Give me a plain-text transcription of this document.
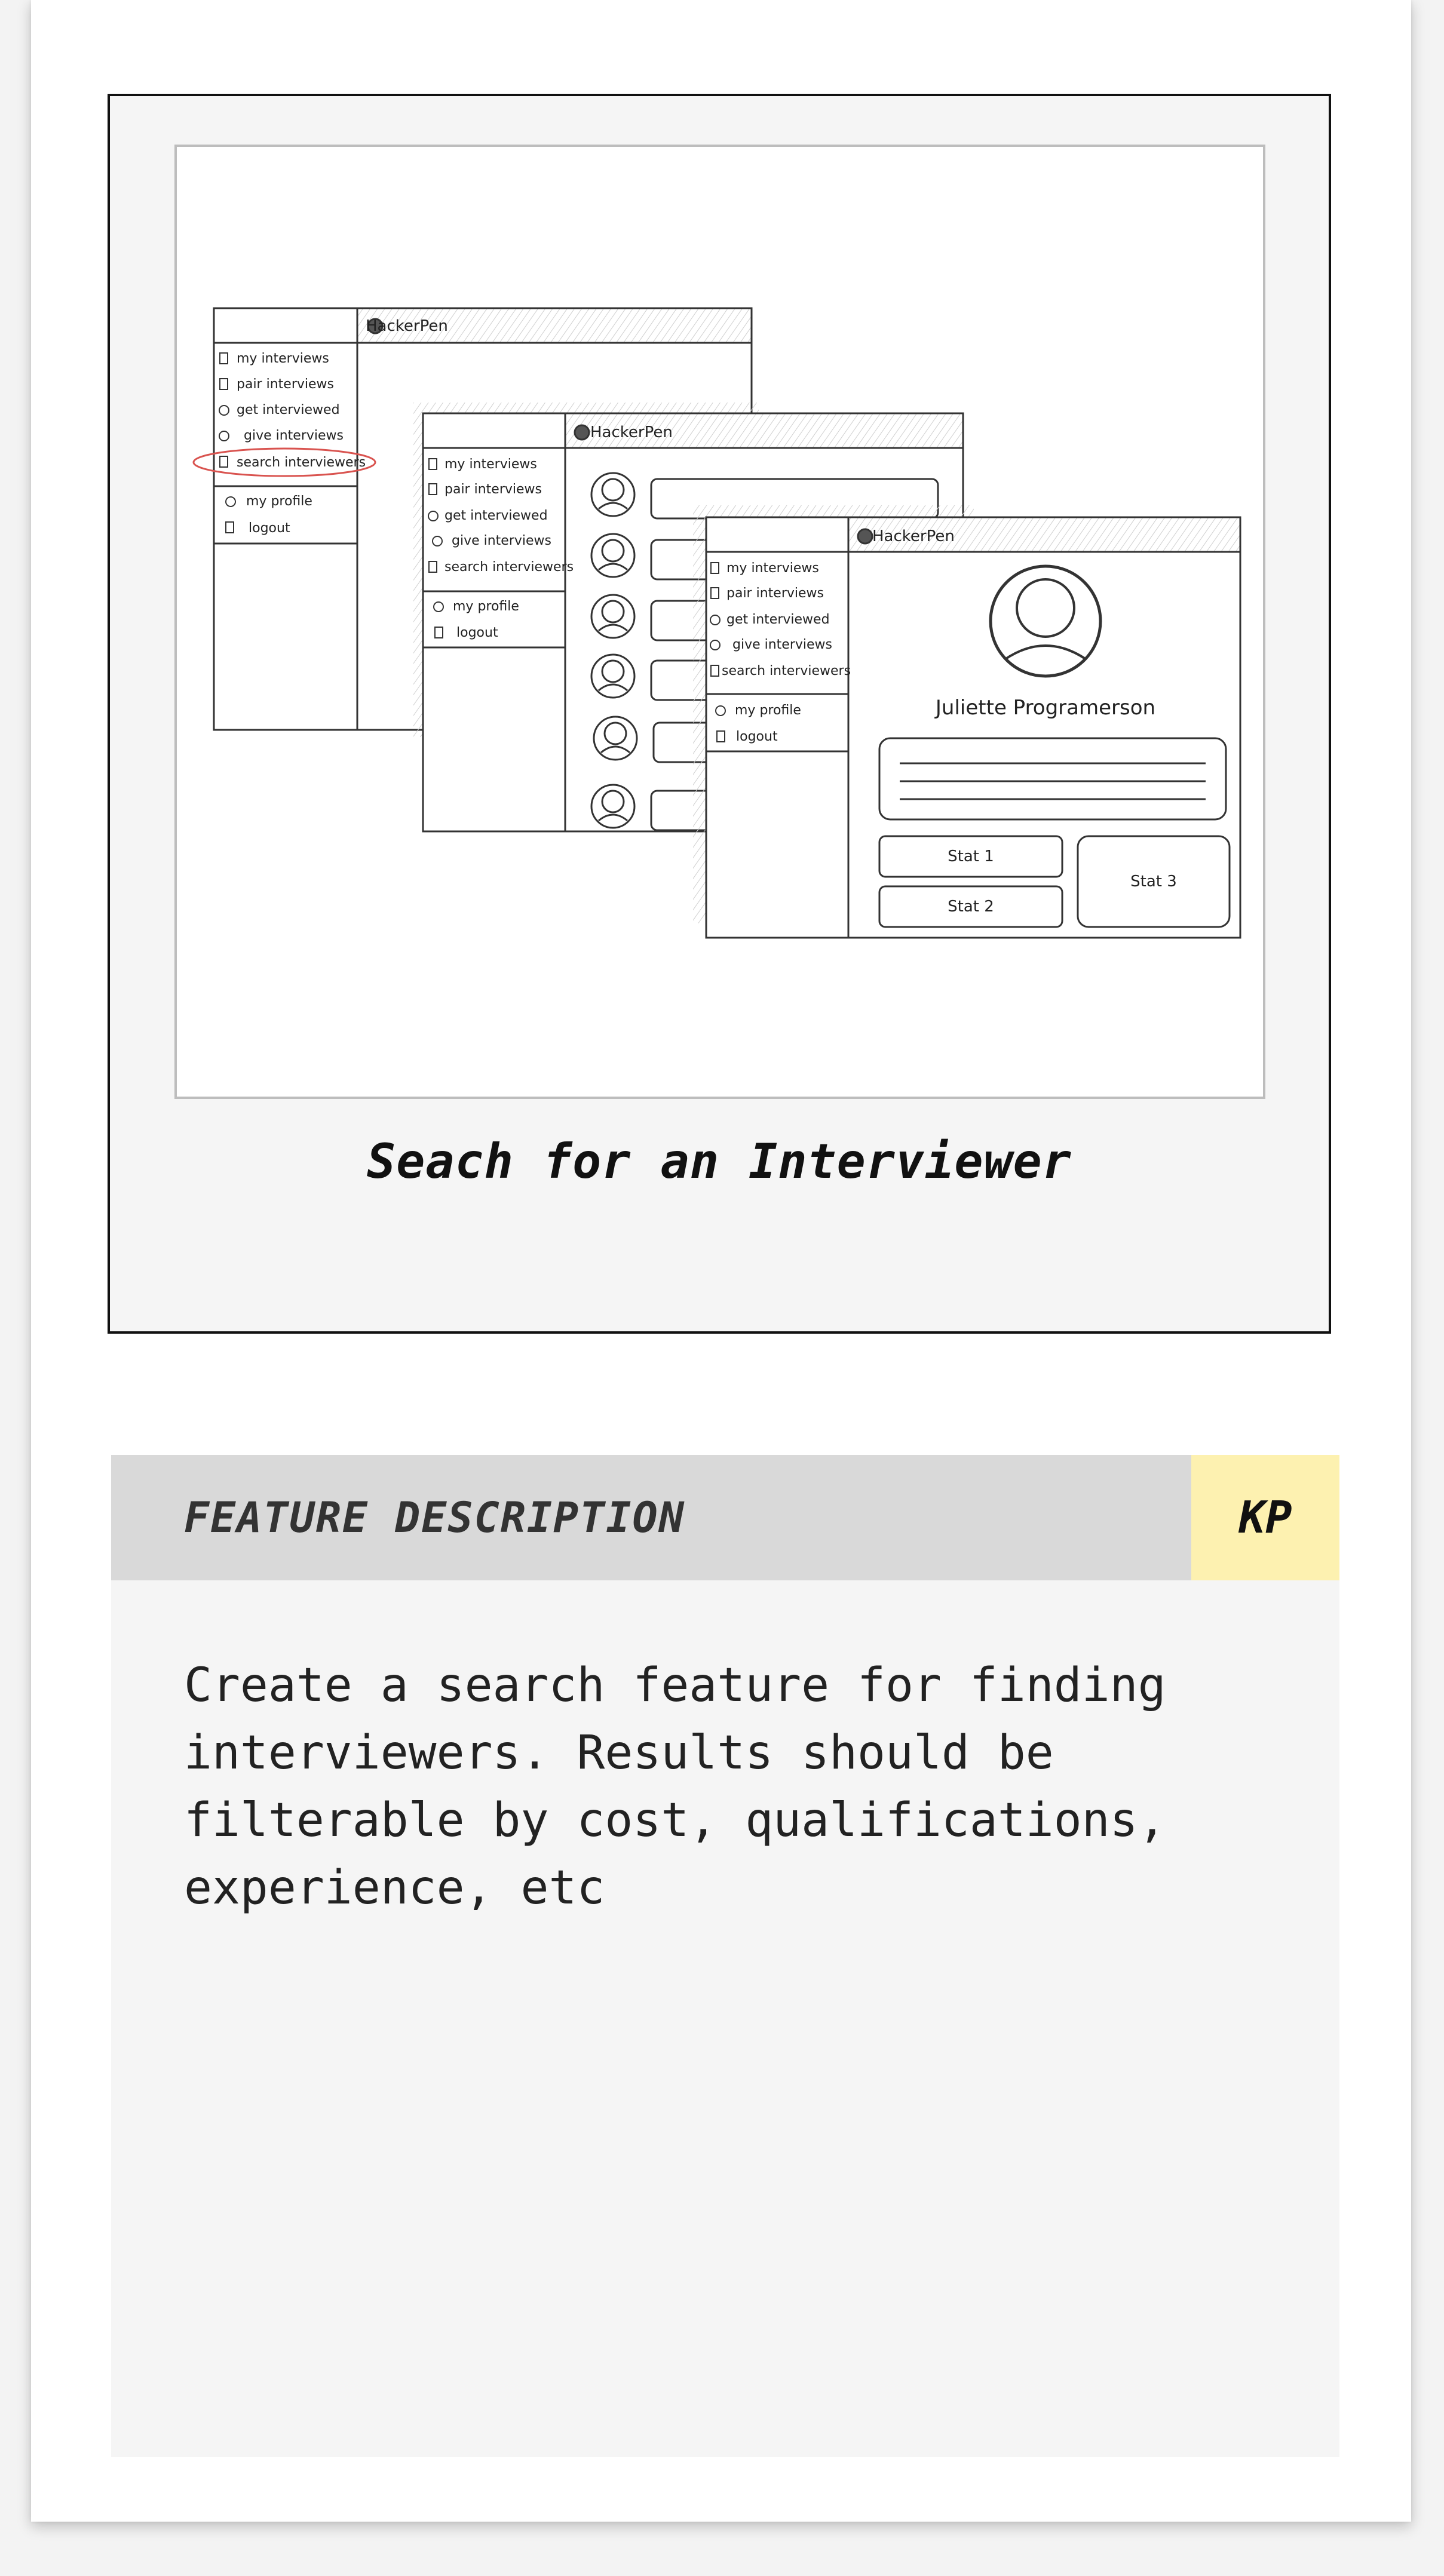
HackerPen
my interviews
pair interviews
get interviewed
give interviews
search interviewers
my profile
logout
HackerPen
my interviews
pair interviews
get interviewed
give interviews
search interviewers
my profile
logout
HackerPen
my interviews
pair interviews
get interviewed
give interviews
search interviewers
my profile
logout
Juliette Programerson
Stat 1
Stat 2
Stat 3
Seach for an Interviewer
FEATURE DESCRIPTION	KP
Create a search feature for finding interviewers. Results should be filterable by cost, qualifications, experience, etc
